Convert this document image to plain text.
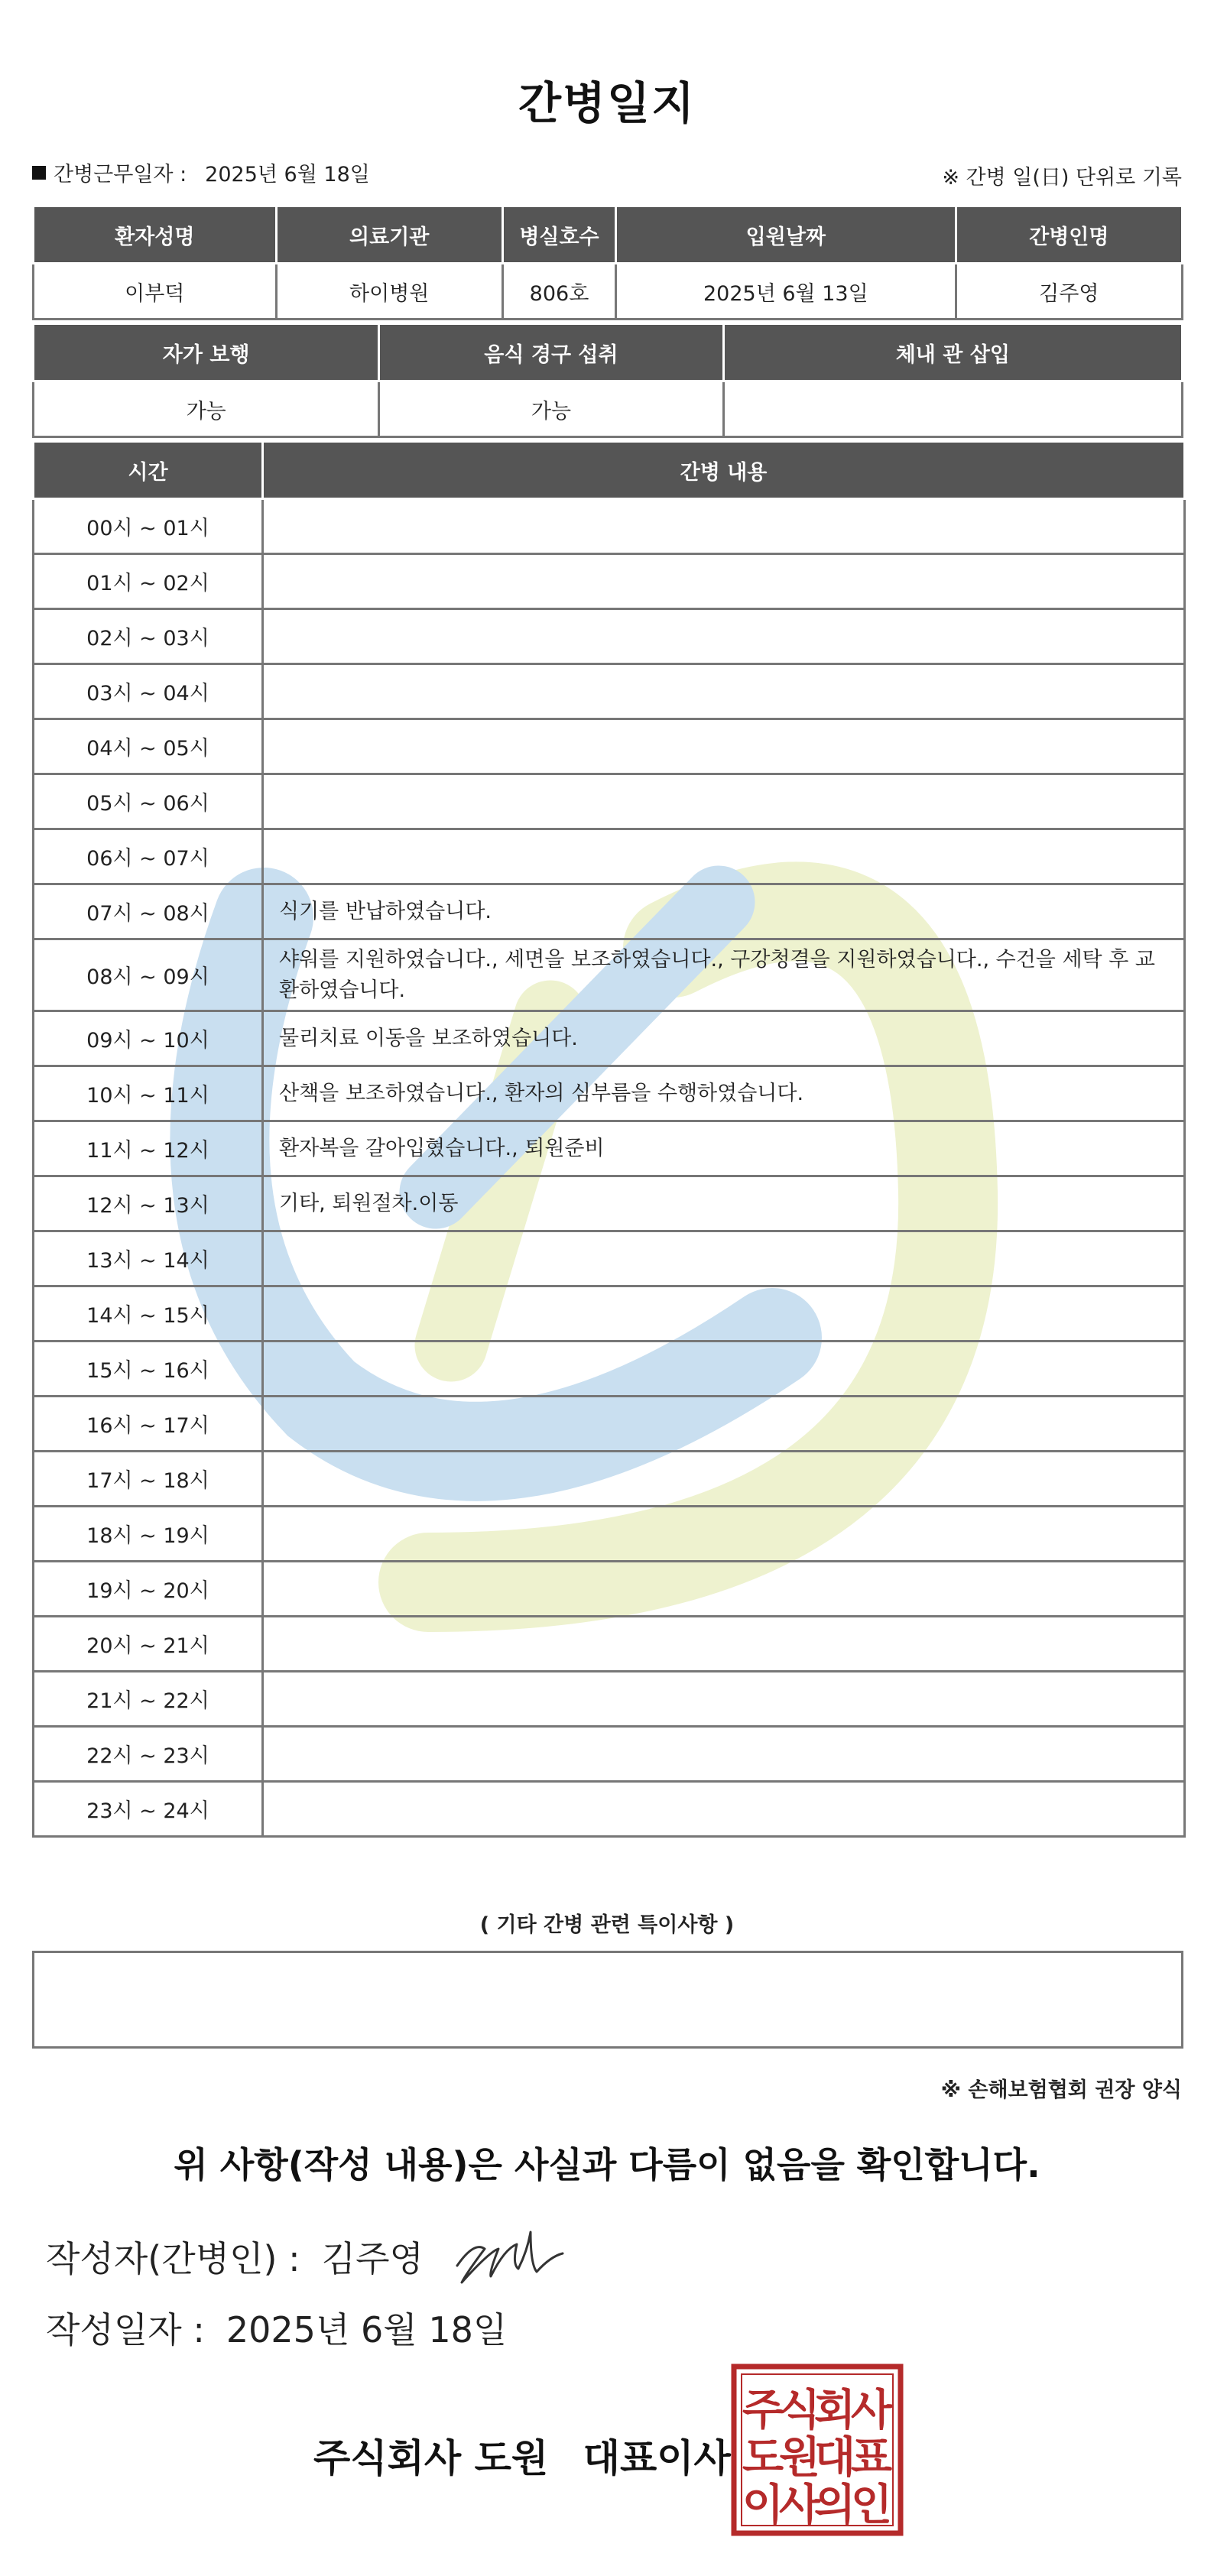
간병일지
간병근무일자 : 2025년 6월 18일	※ 간병 일(日) 단위로 기록
환자성명	의료기관	병실호수	입원날짜	간병인명
이부덕	하이병원	806호	2025년 6월 13일	김주영
자가 보행	음식 경구 섭취	체내 관 삽입
가능	가능	
시간	간병 내용
00시 ~ 01시	
01시 ~ 02시	
02시 ~ 03시	
03시 ~ 04시	
04시 ~ 05시	
05시 ~ 06시	
06시 ~ 07시	
07시 ~ 08시	식기를 반납하였습니다.
08시 ~ 09시	샤워를 지원하였습니다., 세면을 보조하였습니다., 구강청결을 지원하였습니다., 수건을 세탁 후 교환하였습니다.
09시 ~ 10시	물리치료 이동을 보조하였습니다.
10시 ~ 11시	산책을 보조하였습니다., 환자의 심부름을 수행하였습니다.
11시 ~ 12시	환자복을 갈아입혔습니다., 퇴원준비
12시 ~ 13시	기타, 퇴원절차.이동
13시 ~ 14시	
14시 ~ 15시	
15시 ~ 16시	
16시 ~ 17시	
17시 ~ 18시	
18시 ~ 19시	
19시 ~ 20시	
20시 ~ 21시	
21시 ~ 22시	
22시 ~ 23시	
23시 ~ 24시	
( 기타 간병 관련 특이사항 )
※ 손해보험협회 권장 양식
위 사항(작성 내용)은 사실과 다름이 없음을 확인합니다.
작성자(간병인) : 김주영
작성일자 : 2025년 6월 18일
주식회사 도원 대표이사
주
식
회
사
도
원
대
표
이
사
의
인
